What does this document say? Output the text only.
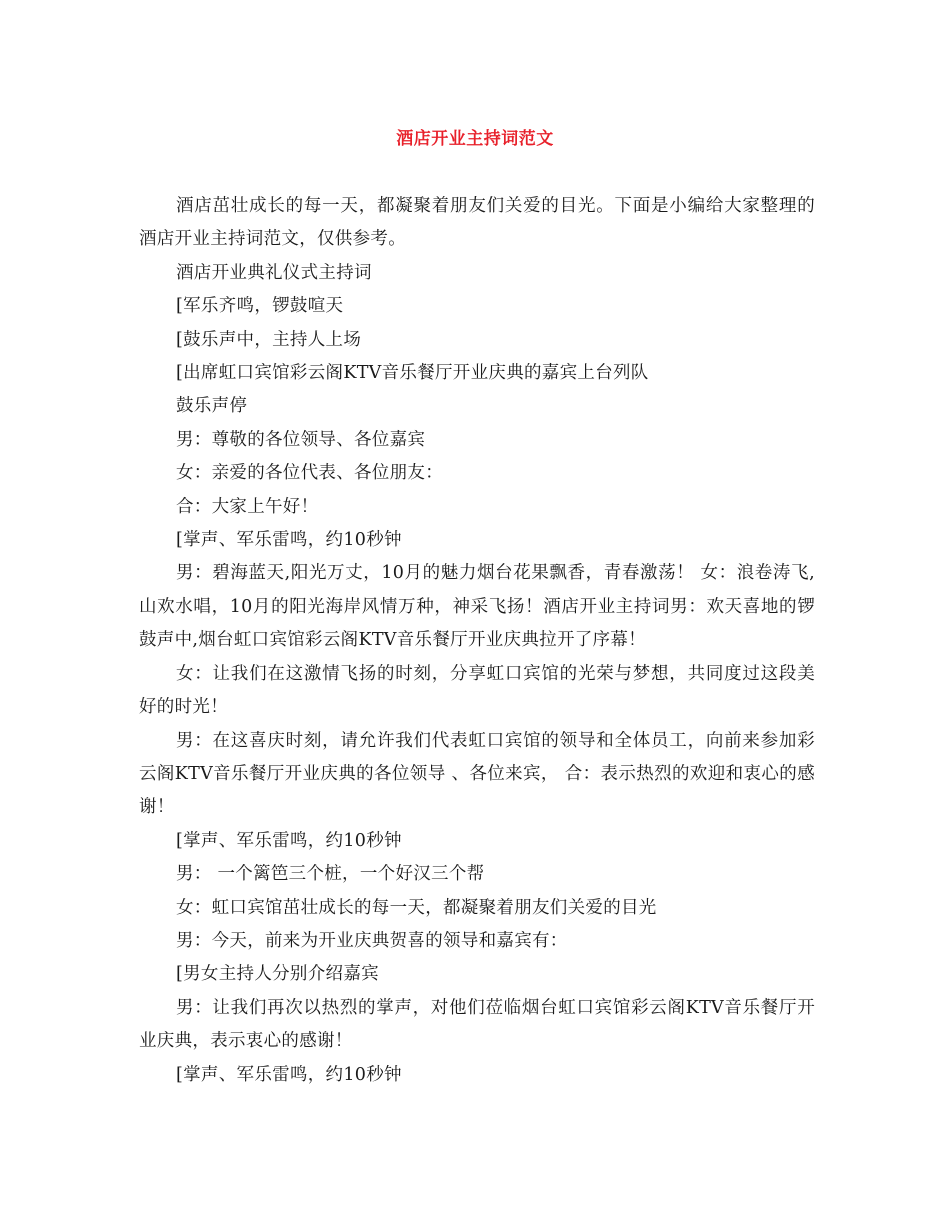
酒店开业主持词范文

酒店茁壮成长的每一天，都凝聚着朋友们关爱的目光。下面是小编给大家整理的酒店开业主持词范文，仅供参考。

酒店开业典礼仪式主持词

[军乐齐鸣，锣鼓喧天

[鼓乐声中，主持人上场

[出席虹口宾馆彩云阁KTV音乐餐厅开业庆典的嘉宾上台列队

鼓乐声停

男：尊敬的各位领导、各位嘉宾

女：亲爱的各位代表、各位朋友：

合：大家上午好！

[掌声、军乐雷鸣，约10秒钟

男：碧海蓝天,阳光万丈，10月的魅力烟台花果飘香，青春激荡！ 女：浪卷涛飞,山欢水唱，10月的阳光海岸风情万种，神采飞扬！酒店开业主持词男：欢天喜地的锣鼓声中,烟台虹口宾馆彩云阁KTV音乐餐厅开业庆典拉开了序幕！

女：让我们在这激情飞扬的时刻，分享虹口宾馆的光荣与梦想，共同度过这段美好的时光！

男：在这喜庆时刻，请允许我们代表虹口宾馆的领导和全体员工，向前来参加彩云阁KTV音乐餐厅开业庆典的各位领导 、各位来宾， 合：表示热烈的欢迎和衷心的感谢！

[掌声、军乐雷鸣，约10秒钟

男： 一个篱笆三个桩，一个好汉三个帮

女：虹口宾馆茁壮成长的每一天，都凝聚着朋友们关爱的目光

男：今天，前来为开业庆典贺喜的领导和嘉宾有：

[男女主持人分别介绍嘉宾

男：让我们再次以热烈的掌声，对他们莅临烟台虹口宾馆彩云阁KTV音乐餐厅开业庆典，表示衷心的感谢！

[掌声、军乐雷鸣，约10秒钟
